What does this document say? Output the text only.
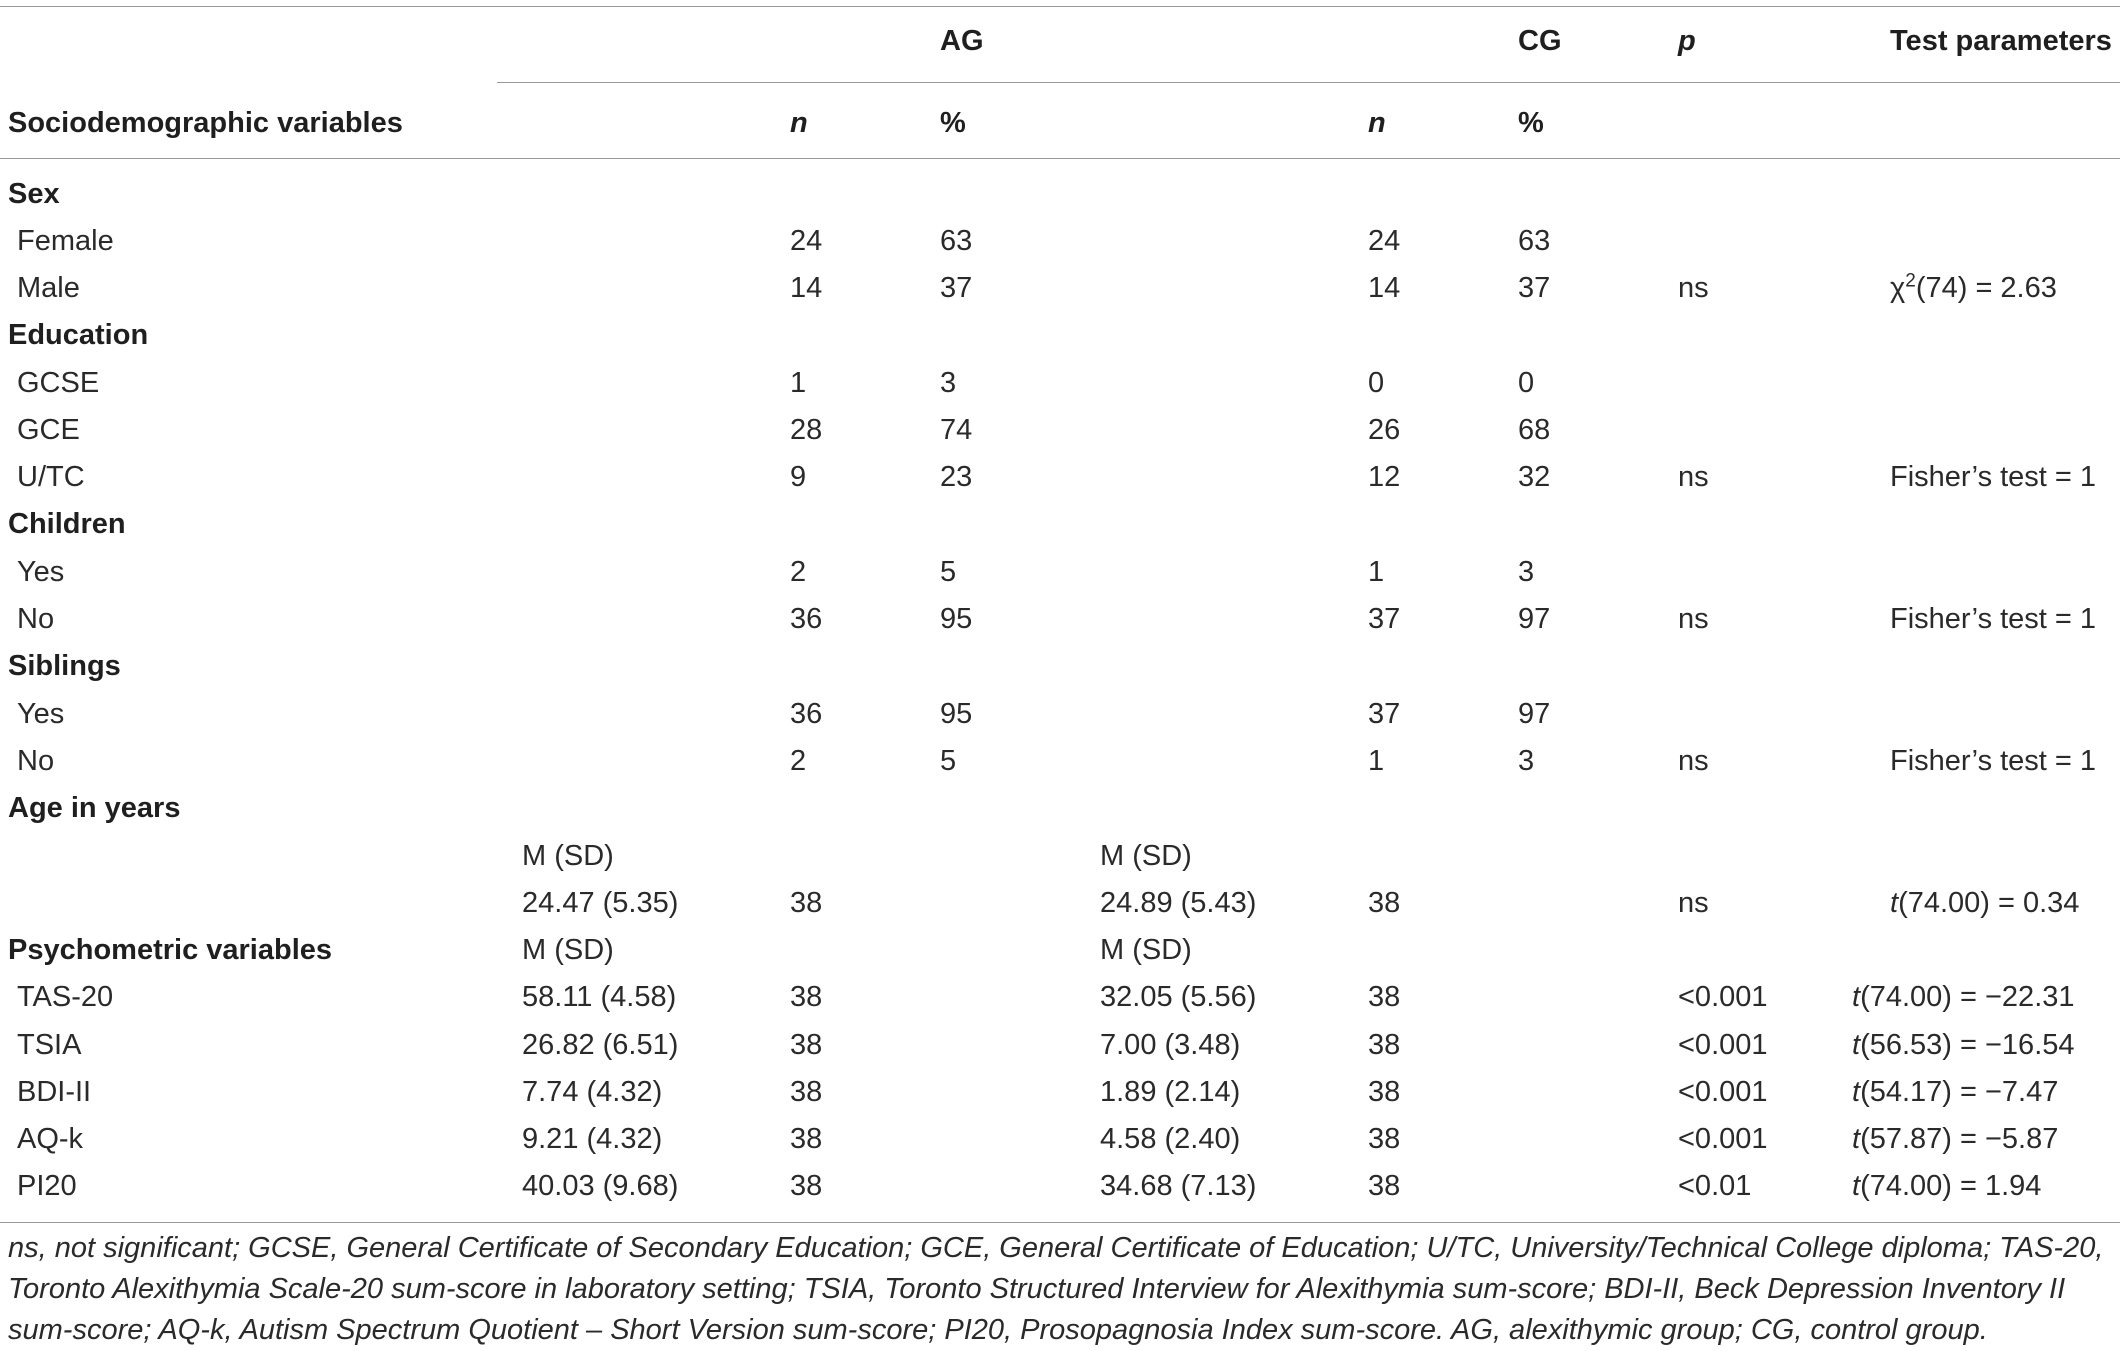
AG	CG	p	Test parameters
Sociodemographic variables	n	%	n	%
Sex
Female	24	63	24	63
Male	14	37	14	37	ns	$\chi^2(74) = 2.63$
Education
GCSE	1	3	0	0
GCE	28	74	26	68
U/TC	9	23	12	32	ns	Fisher’s test = 1
Children
Yes	2	5	1	3
No	36	95	37	97	ns	Fisher’s test = 1
Siblings
Yes	36	95	37	97
No	2	5	1	3	ns	Fisher’s test = 1
Age in years
M (SD)	M (SD)
24.47 (5.35)	38	24.89 (5.43)	38	ns	t(74.00) = 0.34
Psychometric variables	M (SD)	M (SD)
TAS-20	58.11 (4.58)	38	32.05 (5.56)	38	<0.001	t(74.00) = −22.31
TSIA	26.82 (6.51)	38	7.00 (3.48)	38	<0.001	t(56.53) = −16.54
BDI-II	7.74 (4.32)	38	1.89 (2.14)	38	<0.001	t(54.17) = −7.47
AQ-k	9.21 (4.32)	38	4.58 (2.40)	38	<0.001	t(57.87) = −5.87
PI20	40.03 (9.68)	38	34.68 (7.13)	38	<0.01	t(74.00) = 1.94
ns, not significant; GCSE, General Certificate of Secondary Education; GCE, General Certificate of Education; U/TC, University/Technical College diploma; TAS-20, Toronto Alexithymia Scale-20 sum-score in laboratory setting; TSIA, Toronto Structured Interview for Alexithymia sum-score; BDI-II, Beck Depression Inventory II sum-score; AQ-k, Autism Spectrum Quotient – Short Version sum-score; PI20, Prosopagnosia Index sum-score. AG, alexithymic group; CG, control group.
